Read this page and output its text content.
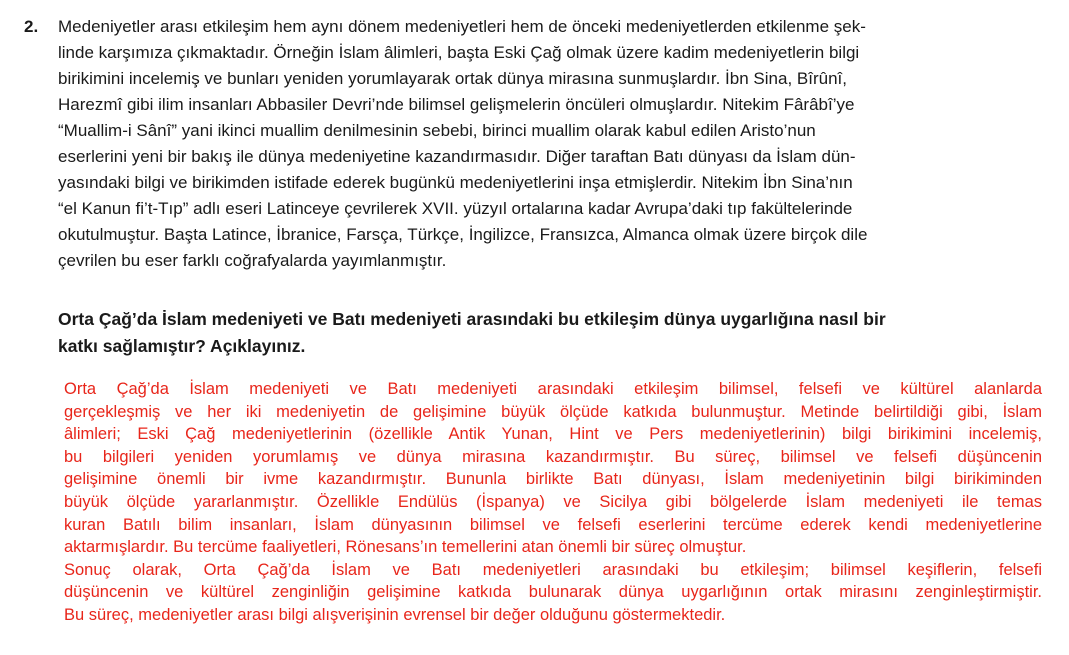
2. Medeniyetler arası etkileşim hem aynı dönem medeniyetleri hem de önceki medeniyetlerden etkilenme şek-
linde karşımıza çıkmaktadır. Örneğin İslam âlimleri, başta Eski Çağ olmak üzere kadim medeniyetlerin bilgi
birikimini incelemiş ve bunları yeniden yorumlayarak ortak dünya mirasına sunmuşlardır. İbn Sina, Bîrûnî,
Harezmî gibi ilim insanları Abbasiler Devri’nde bilimsel gelişmelerin öncüleri olmuşlardır. Nitekim Fârâbî’ye
“Muallim-i Sânî” yani ikinci muallim denilmesinin sebebi, birinci muallim olarak kabul edilen Aristo’nun
eserlerini yeni bir bakış ile dünya medeniyetine kazandırmasıdır. Diğer taraftan Batı dünyası da İslam dün-
yasındaki bilgi ve birikimden istifade ederek bugünkü medeniyetlerini inşa etmişlerdir. Nitekim İbn Sina’nın
“el Kanun fi’t-Tıp” adlı eseri Latinceye çevrilerek XVII. yüzyıl ortalarına kadar Avrupa’daki tıp fakültelerinde
okutulmuştur. Başta Latince, İbranice, Farsça, Türkçe, İngilizce, Fransızca, Almanca olmak üzere birçok dile
çevrilen bu eser farklı coğrafyalarda yayımlanmıştır.

Orta Çağ’da İslam medeniyeti ve Batı medeniyeti arasındaki bu etkileşim dünya uygarlığına nasıl bir
katkı sağlamıştır? Açıklayınız.

Orta Çağ’da İslam medeniyeti ve Batı medeniyeti arasındaki etkileşim bilimsel, felsefi ve kültürel alanlarda
gerçekleşmiş ve her iki medeniyetin de gelişimine büyük ölçüde katkıda bulunmuştur. Metinde belirtildiği gibi, İslam
âlimleri; Eski Çağ medeniyetlerinin (özellikle Antik Yunan, Hint ve Pers medeniyetlerinin) bilgi birikimini incelemiş,
bu bilgileri yeniden yorumlamış ve dünya mirasına kazandırmıştır. Bu süreç, bilimsel ve felsefi düşüncenin
gelişimine önemli bir ivme kazandırmıştır. Bununla birlikte Batı dünyası, İslam medeniyetinin bilgi birikiminden
büyük ölçüde yararlanmıştır. Özellikle Endülüs (İspanya) ve Sicilya gibi bölgelerde İslam medeniyeti ile temas
kuran Batılı bilim insanları, İslam dünyasının bilimsel ve felsefi eserlerini tercüme ederek kendi medeniyetlerine
aktarmışlardır. Bu tercüme faaliyetleri, Rönesans’ın temellerini atan önemli bir süreç olmuştur.
Sonuç olarak, Orta Çağ’da İslam ve Batı medeniyetleri arasındaki bu etkileşim; bilimsel keşiflerin, felsefi
düşüncenin ve kültürel zenginliğin gelişimine katkıda bulunarak dünya uygarlığının ortak mirasını zenginleştirmiştir.
Bu süreç, medeniyetler arası bilgi alışverişinin evrensel bir değer olduğunu göstermektedir.
